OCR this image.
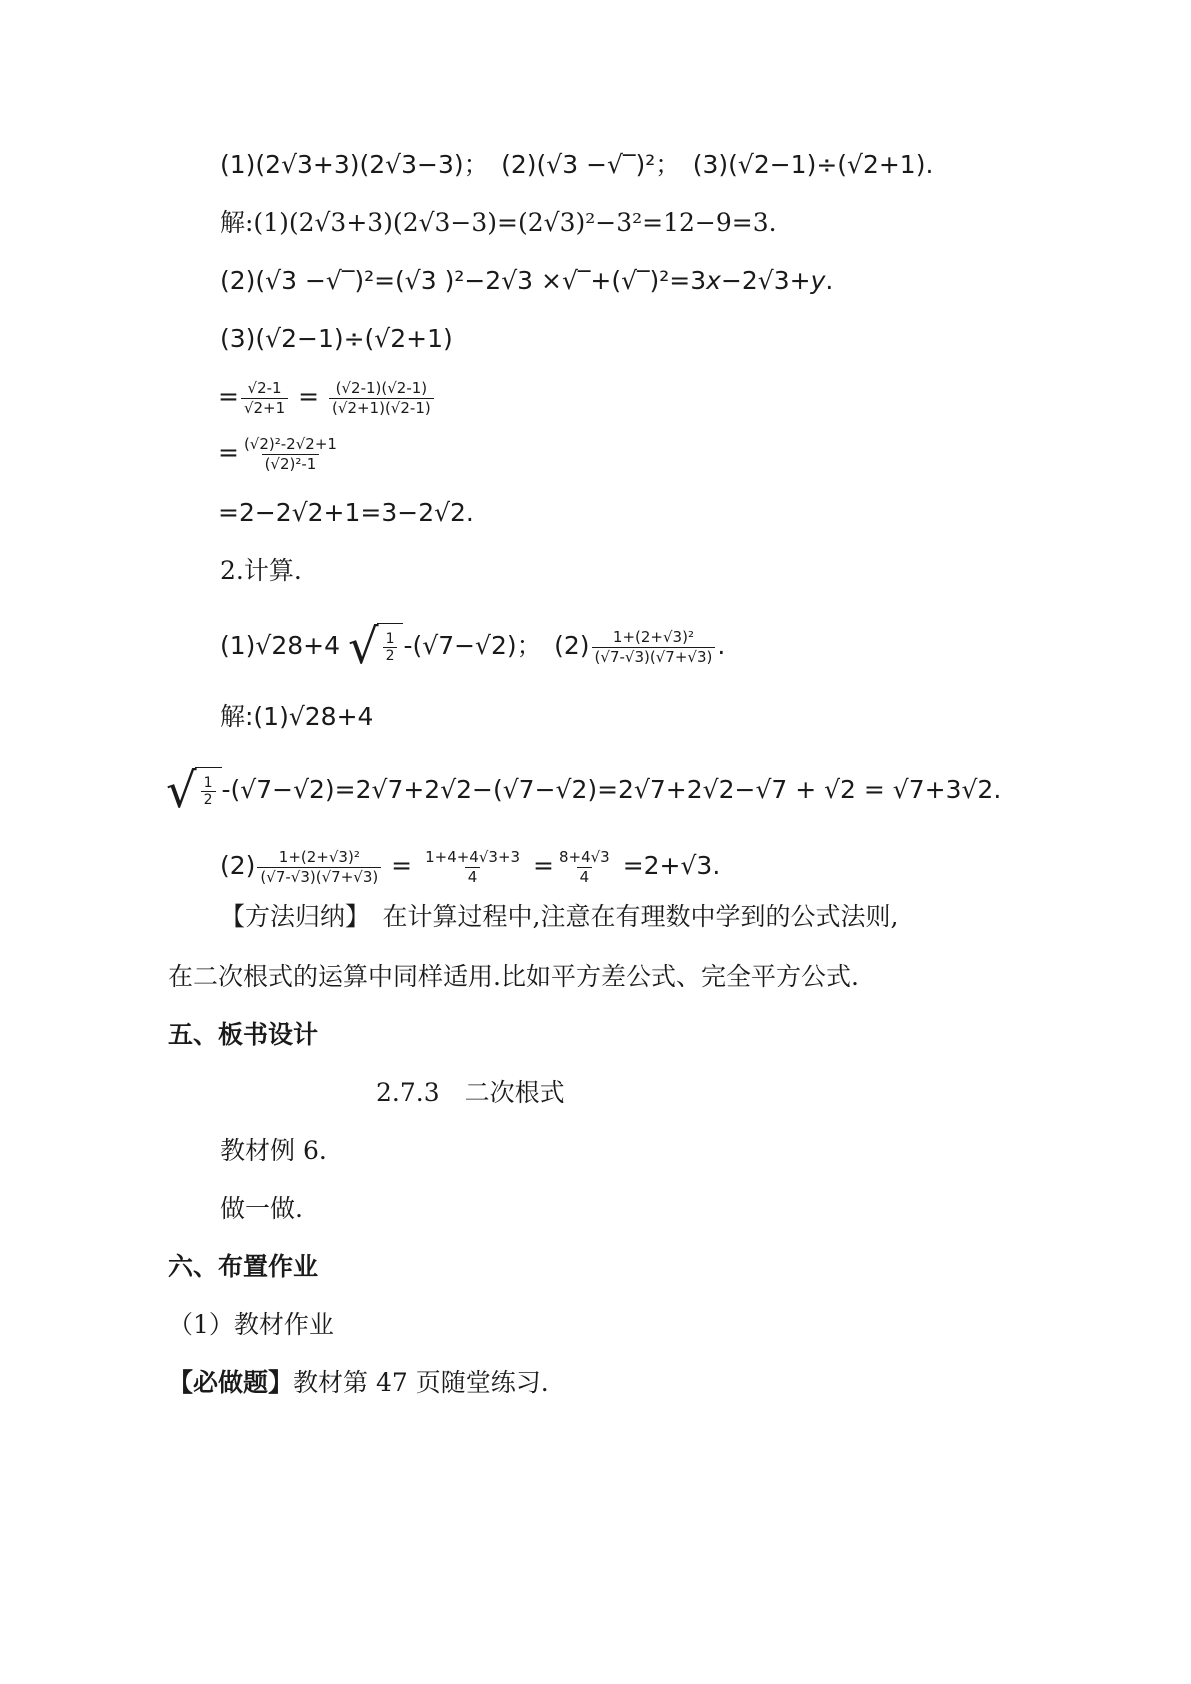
(1)(2√3+3)(2√3−3)；　(2)(√3 −√‾)²；　(3)(√2−1)÷(√2+1).
解:(1)(2√3+3)(2√3−3)=(2√3)²−3²=12−9=3.
(2)(√3 −√‾)²=(√3 )²−2√3 ×√‾+(√‾)²=3x−2√3+y.
(3)(√2−1)÷(√2+1)
= $\frac{√2-1}{√2+1} = \frac{(√2-1)(√2-1)}{(√2+1)(√2-1)}$
= $\frac{\text{(√2)²-2√2+1}}{\text{(√2)²-1}}$
=2−2√2+1=3−2√2.
2.计算.
(1)√28+4 √ $\frac{1}{2} -(√7-√2)$；　$(2) \frac{\text{1+(2+√3)²}}{(√7-√3)(√7+√3)}$ .
解:(1)√28+4
√ $\frac{1}{2} -(√7-√2)=2√7+2√2-(√7-√2)=2√7+2√2-√7 + √2 = √7+3√2$.
$(2) \frac{\text{1+(2+√3)²}}{(√7-√3)(√7+√3)} = \frac{1+4+4√3+3}{4} = \frac{8+4√3}{4} =2+√3$.
【方法归纳】　在计算过程中,注意在有理数中学到的公式法则,
在二次根式的运算中同样适用.比如平方差公式、完全平方公式.
五、板书设计
2.7.3　二次根式
教材例 6.
做一做.
六、布置作业
（1）教材作业
【必做题】教材第 47 页随堂练习.
